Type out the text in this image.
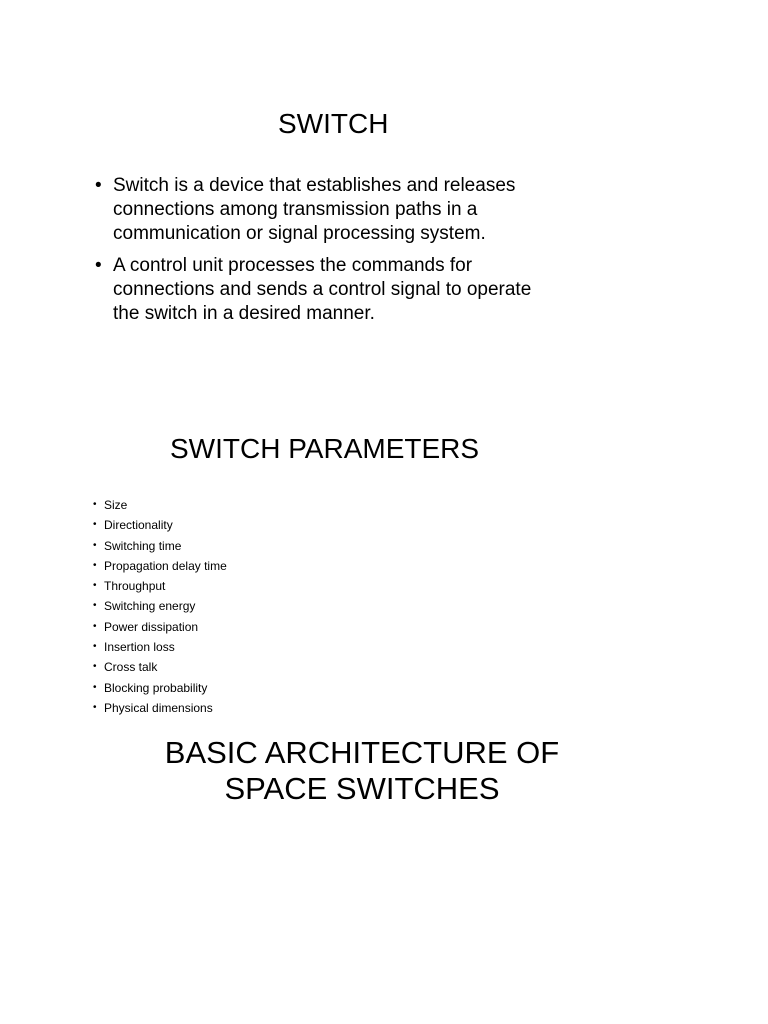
SWITCH
• Switch is a device that establishes and releases connections among transmission paths in a communication or signal processing system.
• A control unit processes the commands for connections and sends a control signal to operate the switch in a desired manner.
SWITCH PARAMETERS
• Size
• Directionality
• Switching time
• Propagation delay time
• Throughput
• Switching energy
• Power dissipation
• Insertion loss
• Cross talk
• Blocking probability
• Physical dimensions
BASIC ARCHITECTURE OF SPACE SWITCHES
